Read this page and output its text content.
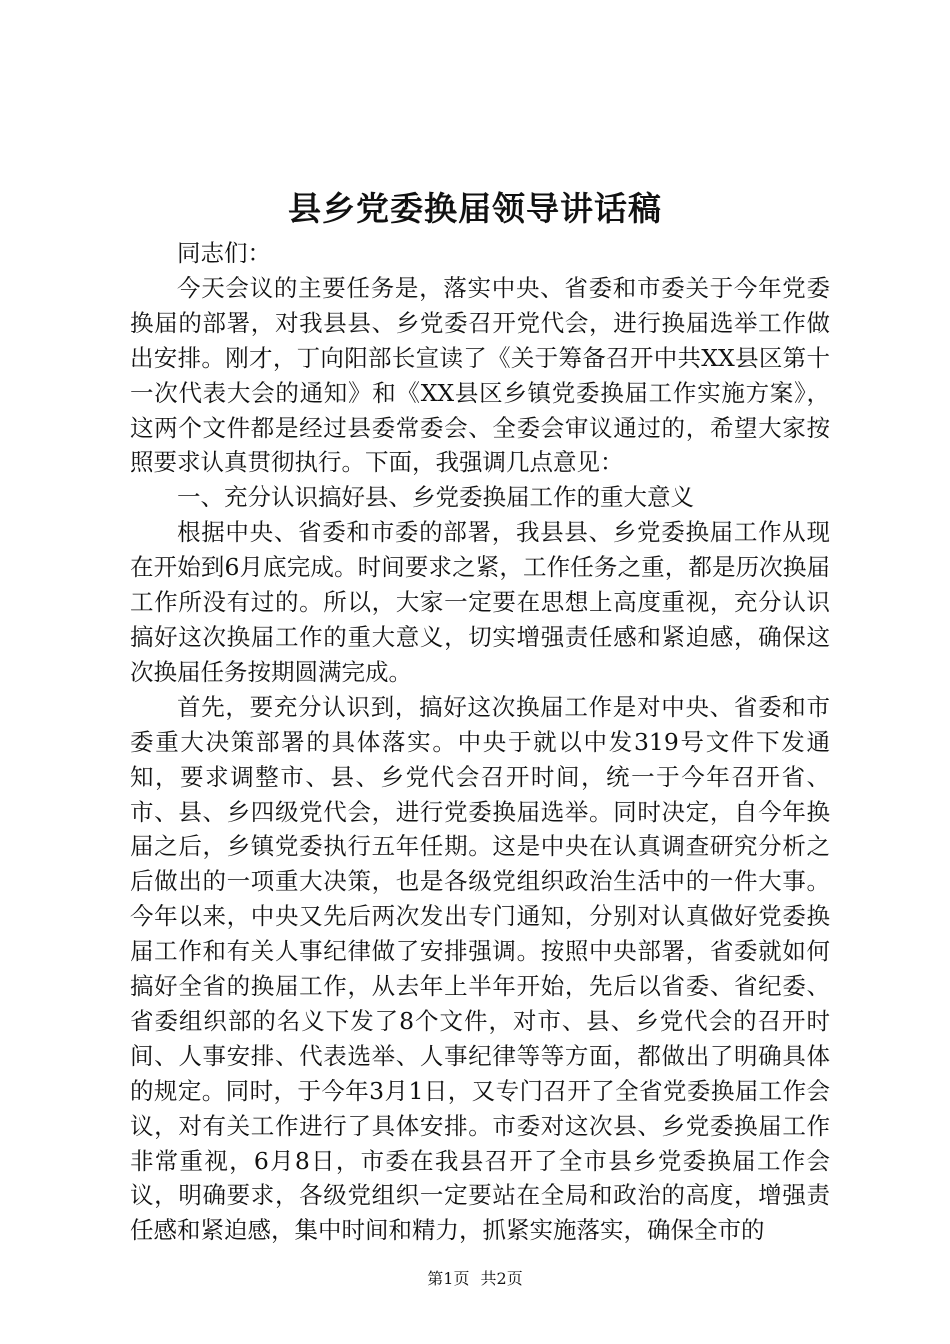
县乡党委换届领导讲话稿

同志们：

今天会议的主要任务是，落实中央、省委和市委关于今年党委换届的部署，对我县县、乡党委召开党代会，进行换届选举工作做出安排。刚才，丁向阳部长宣读了《关于筹备召开中共XX县区第十一次代表大会的通知》和《XX县区乡镇党委换届工作实施方案》，这两个文件都是经过县委常委会、全委会审议通过的，希望大家按照要求认真贯彻执行。下面，我强调几点意见：

一、充分认识搞好县、乡党委换届工作的重大意义

根据中央、省委和市委的部署，我县县、乡党委换届工作从现在开始到6月底完成。时间要求之紧，工作任务之重，都是历次换届工作所没有过的。所以，大家一定要在思想上高度重视，充分认识搞好这次换届工作的重大意义，切实增强责任感和紧迫感，确保这次换届任务按期圆满完成。

首先，要充分认识到，搞好这次换届工作是对中央、省委和市委重大决策部署的具体落实。中央于就以中发319号文件下发通知，要求调整市、县、乡党代会召开时间，统一于今年召开省、市、县、乡四级党代会，进行党委换届选举。同时决定，自今年换届之后，乡镇党委执行五年任期。这是中央在认真调查研究分析之后做出的一项重大决策，也是各级党组织政治生活中的一件大事。今年以来，中央又先后两次发出专门通知，分别对认真做好党委换届工作和有关人事纪律做了安排强调。按照中央部署，省委就如何搞好全省的换届工作，从去年上半年开始，先后以省委、省纪委、省委组织部的名义下发了8个文件，对市、县、乡党代会的召开时间、人事安排、代表选举、人事纪律等等方面，都做出了明确具体的规定。同时，于今年3月1日，又专门召开了全省党委换届工作会议，对有关工作进行了具体安排。市委对这次县、乡党委换届工作非常重视，6月8日，市委在我县召开了全市县乡党委换届工作会议，明确要求，各级党组织一定要站在全局和政治的高度，增强责任感和紧迫感，集中时间和精力，抓紧实施落实，确保全市的

第1页 共2页
